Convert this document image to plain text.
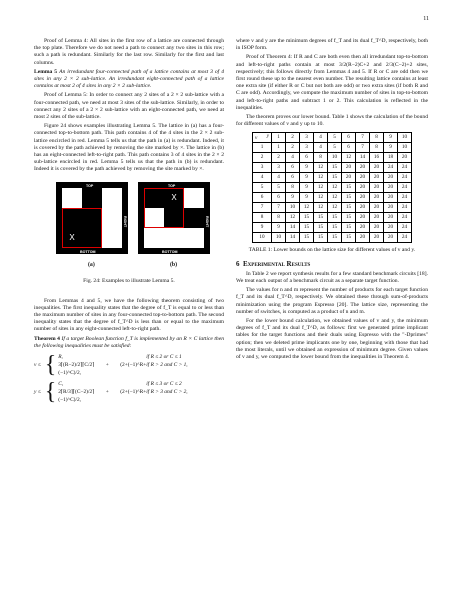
11

Proof of Lemma 4: All sites in the first row of a lattice are connected through the top plate. Therefore we do not need a path to connect any two sites in this row; such a path is redundant. Similarly for the last row. Similarly for the first and last columns.

Lemma 5 An irredundant four-connected path of a lattice contains at most 3 of 4 sites in any 2 × 2 sub-lattice. An irredundant eight-connected path of a lattice contains at most 2 of 4 sites in any 2 × 2 sub-lattice.

Proof of Lemma 5: In order to connect any 2 sites of a 2 × 2 sub-lattice with a four-connected path, we need at most 3 sites of the sub-lattice. Similarly, in order to connect any 2 sites of a 2 × 2 sub-lattice with an eight-connected path, we need at most 2 sites of the sub-lattice.

Figure 24 shows examples illustrating Lemma 5. The lattice in (a) has a four-connected top-to-bottom path. This path contains 4 of the 4 sites in the 2 × 2 sub-lattice encircled in red. Lemma 5 tells us that the path in (a) is redundant. Indeed, it is covered by the path achieved by removing the site marked by ×. The lattice in (b) has an eight-connected left-to-right path. This path contains 3 of 4 sites in the 2 × 2 sub-lattice encircled in red. Lemma 5 tells us that the path in (b) is redundant. Indeed it is covered by the path achieved by removing the site marked by ×.

X
TOP
BOTTOM
LEFT	RIGHT
(a)
X
TOP
BOTTOM
LEFT	RIGHT
(b)
Fig. 24: Examples to illustrate Lemma 5.

From Lemmas 4 and 5, we have the following theorem consisting of two inequalities. The first inequality states that the degree of f_T is equal to or less than the maximum number of sites in any four-connected top-to-bottom path. The second inequality states that the degree of f_T^D is less than or equal to the maximum number of sites in any eight-connected left-to-right path.

Theorem 4 If a target Boolean function f_T is implemented by an R × C lattice then the following inequalities must be satisfied:

v ≤ { R,	if R ≤ 2 or C ≤ 1
3⌈(R−2)/2⌉⌈C/2⌉ + (2+(−1)^R+(−1)^C)/2,
if R > 2 and C > 1,
y ≤ { C,	if R ≤ 3 or C ≤ 2
2⌈R/3⌉⌈(C−2)/2⌉ + (2+(−1)^R+(−1)^C)/2,
if R > 3 and C > 2,

where v and y are the minimum degrees of f_T and its dual f_T^D, respectively, both in ISOP form.

Proof of Theorem 4: If R and C are both even then all irredundant top-to-bottom and left-to-right paths contain at most 3/2(R−2)C+2 and 2/3(C−2)+2 sites, respectively; this follows directly from Lemmas 4 and 5. If R or C are odd then we first round these up to the nearest even number. The resulting lattice contains at least one extra site (if either R or C but not both are odd) or two extra sites (if both R and C are odd). Accordingly, we compute the maximum number of sites in top-to-bottom and left-to-right paths and subtract 1 or 2. This calculation is reflected in the inequalities.

The theorem proves our lower bound. Table 1 shows the calculation of the bound for different values of v and y up to 10.

y
v	1	2	3	4	5	6	7	8	9	10
1	1	2	3	4	5	6	7	8	9	10
2	2	4	6	8	10	12	14	16	18	20
3	3	6	9	12	15	20	20	20	24	24
4	4	6	9	12	15	20	20	20	20	24
5	5	8	9	12	12	15	20	20	20	24
6	6	9	9	12	12	15	20	20	20	24
7	7	10	12	12	12	15	20	20	20	24
8	8	12	15	15	15	15	20	20	20	24
9	9	14	15	15	15	15	20	20	20	24
10	10	14	15	15	15	15	20	20	20	24
TABLE 1: Lower bounds on the lattice size for different values of v and y.
6 Experimental Results

In Table 2 we report synthesis results for a few standard benchmark circuits [18]. We treat each output of a benchmark circuit as a separate target function.

The values for n and m represent the number of products for each target function f_T and its dual f_T^D, respectively. We obtained these through sum-of-products minimization using the program Espresso [20]. The lattice size, representing the number of switches, is computed as a product of n and m.

For the lower bound calculation, we obtained values of v and y, the minimum degrees of f_T and its dual f_T^D, as follows: first we generated prime implicant tables for the target functions and their duals using Espresso with the "-Dprimes" option; then we deleted prime implicants one by one, beginning with those that had the most literals, until we obtained an expression of minimum degree. Given values of v and y, we computed the lower bound from the inequalities in Theorem 4.
